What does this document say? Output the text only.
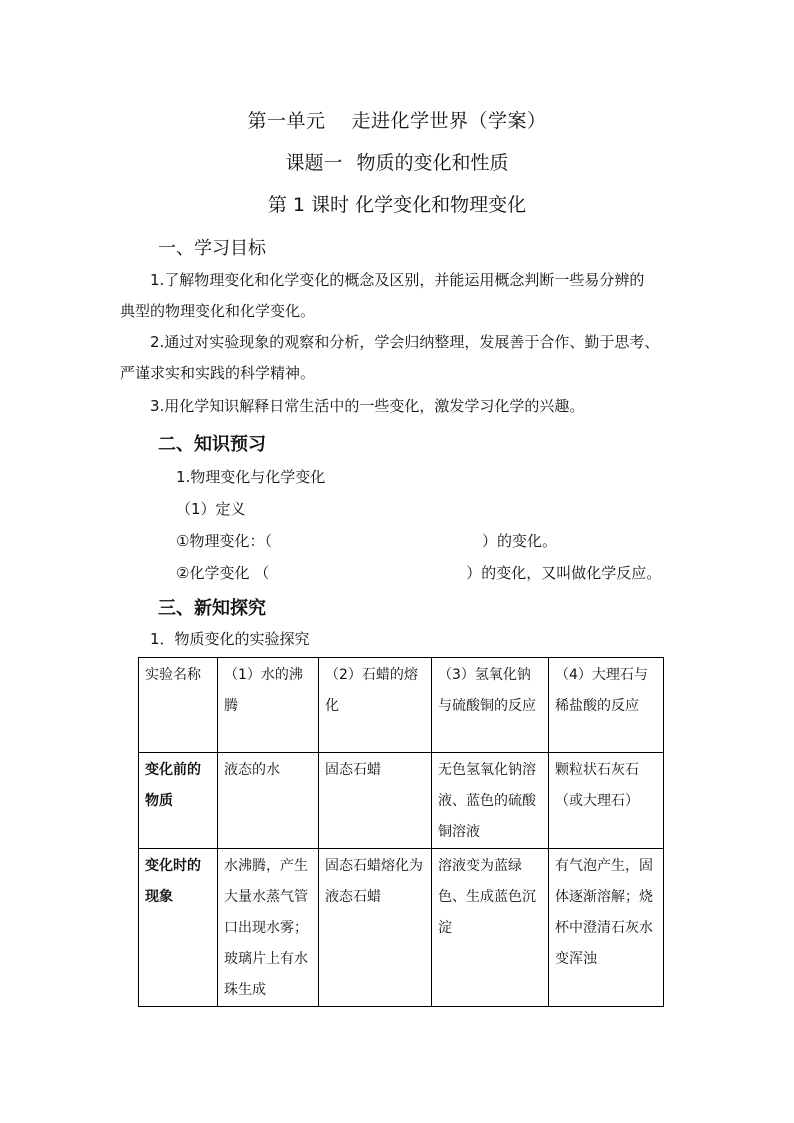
第一单元 走进化学世界（学案）
课题一 物质的变化和性质
第 1 课时 化学变化和物理变化
一、学习目标
1.了解物理变化和化学变化的概念及区别，并能运用概念判断一些易分辨的
典型的物理变化和化学变化。
2.通过对实验现象的观察和分析，学会归纳整理，发展善于合作、勤于思考、
严谨求实和实践的科学精神。
3.用化学知识解释日常生活中的一些变化，激发学习化学的兴趣。
二、知识预习
1.物理变化与化学变化
（1）定义
①物理变化：（	）的变化。
②化学变化 （	）的变化，又叫做化学反应。
三、新知探究
1．物质变化的实验探究
实验名称	（1）水的沸腾	（2）石蜡的熔化	（3）氢氧化钠与硫酸铜的反应	（4）大理石与稀盐酸的反应
变化前的物质	液态的水	固态石蜡	无色氢氧化钠溶液、蓝色的硫酸铜溶液	颗粒状石灰石（或大理石）
变化时的现象	水沸腾，产生大量水蒸气管口出现水雾；玻璃片上有水珠生成	固态石蜡熔化为液态石蜡	溶液变为蓝绿色、生成蓝色沉淀	有气泡产生，固体逐渐溶解；烧杯中澄清石灰水变浑浊
